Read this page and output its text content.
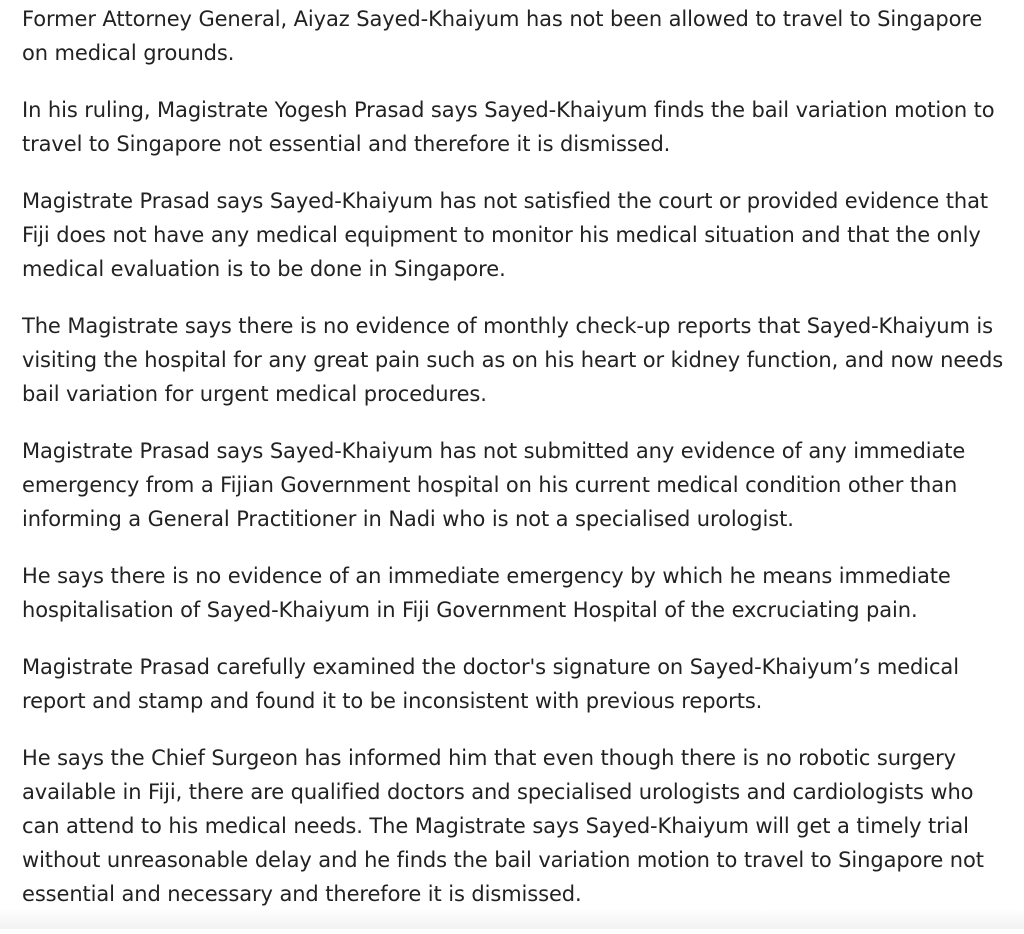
Former Attorney General, Aiyaz Sayed-Khaiyum has not been allowed to travel to Singapore on medical grounds.

In his ruling, Magistrate Yogesh Prasad says Sayed-Khaiyum finds the bail variation motion to travel to Singapore not essential and therefore it is dismissed.

Magistrate Prasad says Sayed-Khaiyum has not satisfied the court or provided evidence that Fiji does not have any medical equipment to monitor his medical situation and that the only medical evaluation is to be done in Singapore.

The Magistrate says there is no evidence of monthly check-up reports that Sayed-Khaiyum is visiting the hospital for any great pain such as on his heart or kidney function, and now needs bail variation for urgent medical procedures.

Magistrate Prasad says Sayed-Khaiyum has not submitted any evidence of any immediate emergency from a Fijian Government hospital on his current medical condition other than informing a General Practitioner in Nadi who is not a specialised urologist.

He says there is no evidence of an immediate emergency by which he means immediate hospitalisation of Sayed-Khaiyum in Fiji Government Hospital of the excruciating pain.

Magistrate Prasad carefully examined the doctor's signature on Sayed-Khaiyum’s medical report and stamp and found it to be inconsistent with previous reports.

He says the Chief Surgeon has informed him that even though there is no robotic surgery available in Fiji, there are qualified doctors and specialised urologists and cardiologists who can attend to his medical needs. The Magistrate says Sayed-Khaiyum will get a timely trial without unreasonable delay and he finds the bail variation motion to travel to Singapore not essential and necessary and therefore it is dismissed.
